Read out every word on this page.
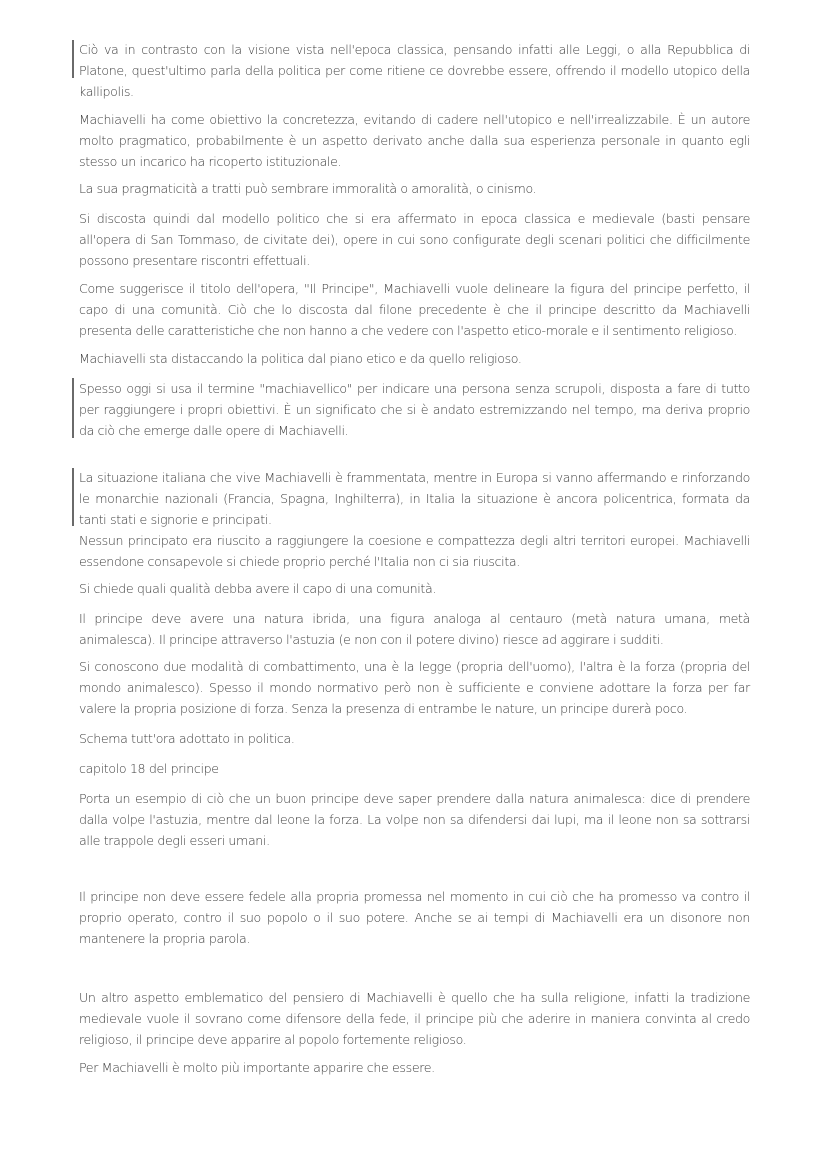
Ciò va in contrasto con la visione vista nell'epoca classica, pensando infatti alle Leggi, o alla Repubblica di Platone, quest'ultimo parla della politica per come ritiene ce dovrebbe essere, offrendo il modello utopico della kallipolis.

Machiavelli ha come obiettivo la concretezza, evitando di cadere nell'utopico e nell'irrealizzabile. È un autore molto pragmatico, probabilmente è un aspetto derivato anche dalla sua esperienza personale in quanto egli stesso un incarico ha ricoperto istituzionale.

La sua pragmaticità a tratti può sembrare immoralità o amoralità, o cinismo.

Si discosta quindi dal modello politico che si era affermato in epoca classica e medievale (basti pensare all'opera di San Tommaso, de civitate dei), opere in cui sono configurate degli scenari politici che difficilmente possono presentare riscontri effettuali.

Come suggerisce il titolo dell'opera, "Il Principe", Machiavelli vuole delineare la figura del principe perfetto, il capo di una comunità. Ciò che lo discosta dal filone precedente è che il principe descritto da Machiavelli presenta delle caratteristiche che non hanno a che vedere con l'aspetto etico-morale e il sentimento religioso.

Machiavelli sta distaccando la politica dal piano etico e da quello religioso.

Spesso oggi si usa il termine "machiavellico" per indicare una persona senza scrupoli, disposta a fare di tutto per raggiungere i propri obiettivi. È un significato che si è andato estremizzando nel tempo, ma deriva proprio da ciò che emerge dalle opere di Machiavelli.

La situazione italiana che vive Machiavelli è frammentata, mentre in Europa si vanno affermando e rinforzando le monarchie nazionali (Francia, Spagna, Inghilterra), in Italia la situazione è ancora policentrica, formata da tanti stati e signorie e principati.

Nessun principato era riuscito a raggiungere la coesione e compattezza degli altri territori europei. Machiavelli essendone consapevole si chiede proprio perché l'Italia non ci sia riuscita.

Si chiede quali qualità debba avere il capo di una comunità.

Il principe deve avere una natura ibrida, una figura analoga al centauro (metà natura umana, metà animalesca). Il principe attraverso l'astuzia (e non con il potere divino) riesce ad aggirare i sudditi.

Si conoscono due modalità di combattimento, una è la legge (propria dell'uomo), l'altra è la forza (propria del mondo animalesco). Spesso il mondo normativo però non è sufficiente e conviene adottare la forza per far valere la propria posizione di forza. Senza la presenza di entrambe le nature, un principe durerà poco.

Schema tutt'ora adottato in politica.

capitolo 18 del principe

Porta un esempio di ciò che un buon principe deve saper prendere dalla natura animalesca: dice di prendere dalla volpe l'astuzia, mentre dal leone la forza. La volpe non sa difendersi dai lupi, ma il leone non sa sottrarsi alle trappole degli esseri umani.

Il principe non deve essere fedele alla propria promessa nel momento in cui ciò che ha promesso va contro il proprio operato, contro il suo popolo o il suo potere. Anche se ai tempi di Machiavelli era un disonore non mantenere la propria parola.

Un altro aspetto emblematico del pensiero di Machiavelli è quello che ha sulla religione, infatti la tradizione medievale vuole il sovrano come difensore della fede, il principe più che aderire in maniera convinta al credo religioso, il principe deve apparire al popolo fortemente religioso.

Per Machiavelli è molto più importante apparire che essere.
